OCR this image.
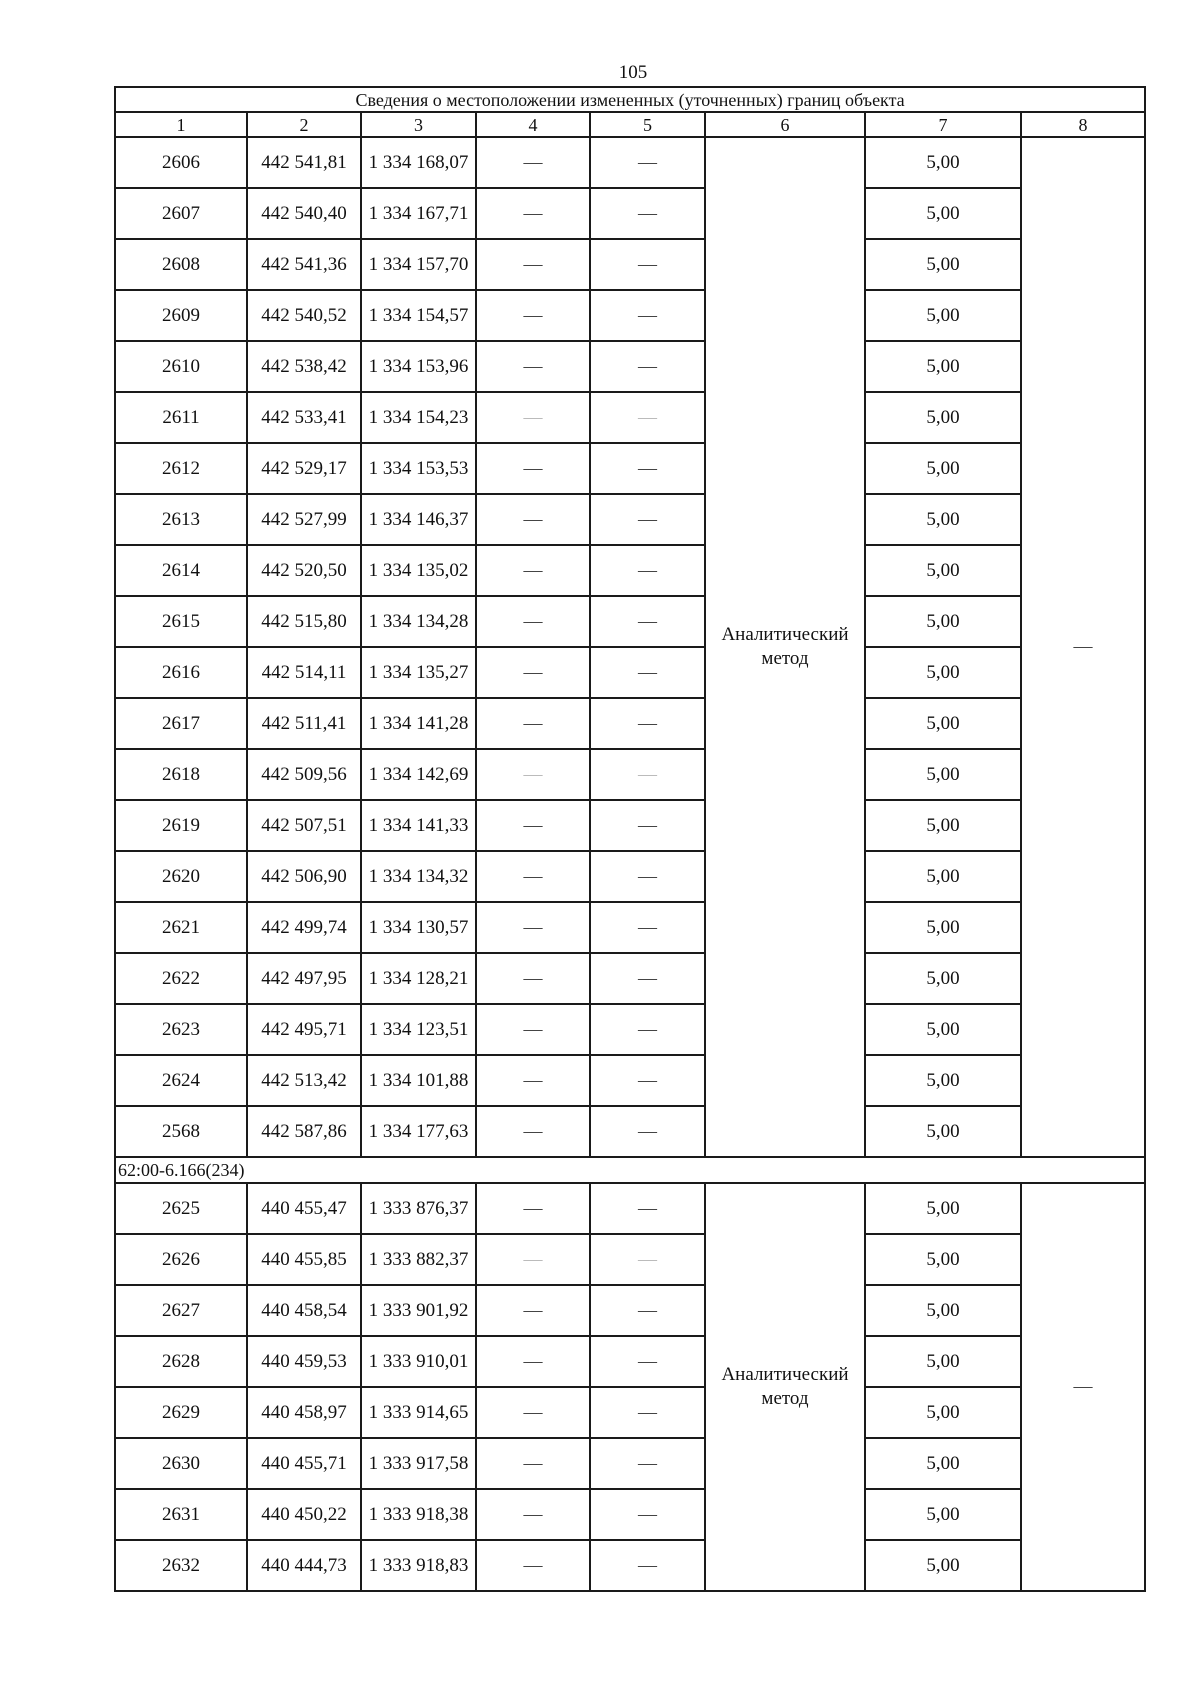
105
Сведения о местоположении измененных (уточненных) границ объекта							
1	2	3	4	5	6	7	8
2606	442 541,81	1 334 168,07	—	—	Аналитический метод	5,00	—
2607	442 540,40	1 334 167,71	—	—		5,00	
2608	442 541,36	1 334 157,70	—	—		5,00	
2609	442 540,52	1 334 154,57	—	—		5,00	
2610	442 538,42	1 334 153,96	—	—		5,00	
2611	442 533,41	1 334 154,23	—	—		5,00	
2612	442 529,17	1 334 153,53	—	—		5,00	
2613	442 527,99	1 334 146,37	—	—		5,00	
2614	442 520,50	1 334 135,02	—	—		5,00	
2615	442 515,80	1 334 134,28	—	—		5,00	
2616	442 514,11	1 334 135,27	—	—		5,00	
2617	442 511,41	1 334 141,28	—	—		5,00	
2618	442 509,56	1 334 142,69	—	—		5,00	
2619	442 507,51	1 334 141,33	—	—		5,00	
2620	442 506,90	1 334 134,32	—	—		5,00	
2621	442 499,74	1 334 130,57	—	—		5,00	
2622	442 497,95	1 334 128,21	—	—		5,00	
2623	442 495,71	1 334 123,51	—	—		5,00	
2624	442 513,42	1 334 101,88	—	—		5,00	
2568	442 587,86	1 334 177,63	—	—		5,00	
62:00-6.166(234)							
2625	440 455,47	1 333 876,37	—	—	Аналитический метод	5,00	—
2626	440 455,85	1 333 882,37	—	—		5,00	
2627	440 458,54	1 333 901,92	—	—		5,00	
2628	440 459,53	1 333 910,01	—	—		5,00	
2629	440 458,97	1 333 914,65	—	—		5,00	
2630	440 455,71	1 333 917,58	—	—		5,00	
2631	440 450,22	1 333 918,38	—	—		5,00	
2632	440 444,73	1 333 918,83	—	—		5,00	
